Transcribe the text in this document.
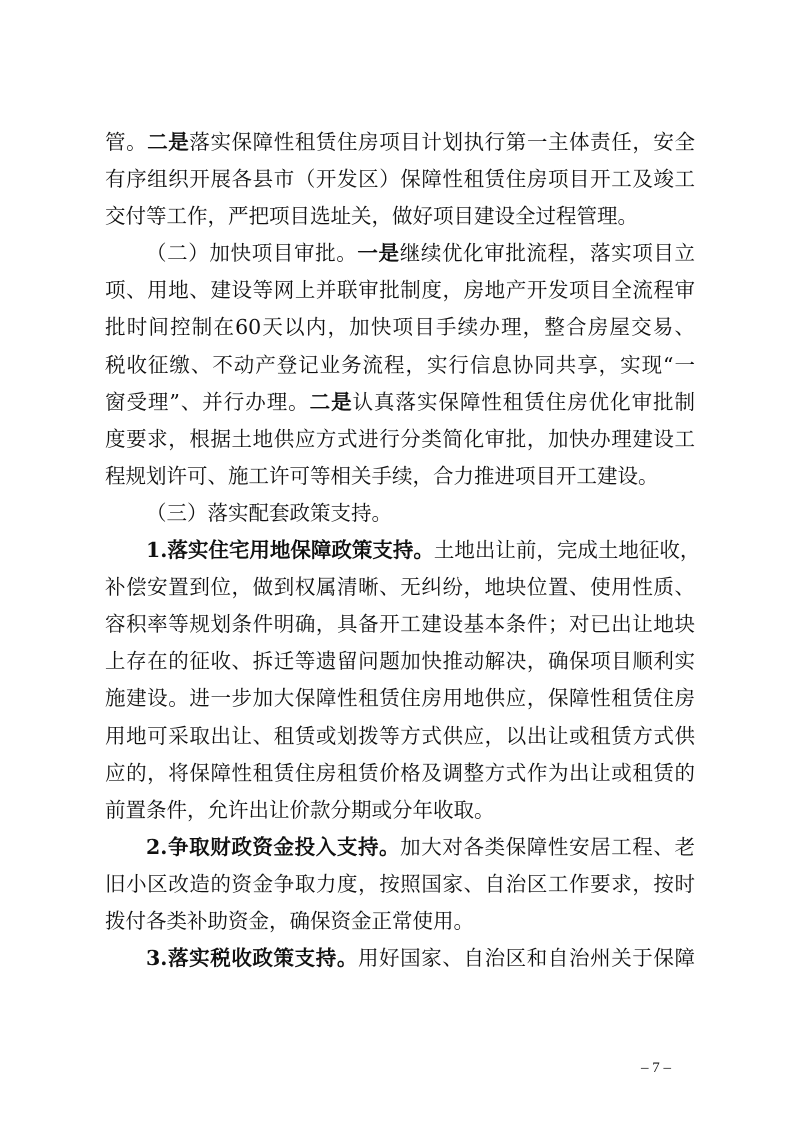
管。二是落实保障性租赁住房项目计划执行第一主体责任，安全
有序组织开展各县市（开发区）保障性租赁住房项目开工及竣工
交付等工作，严把项目选址关，做好项目建设全过程管理。
（二）加快项目审批。一是继续优化审批流程，落实项目立
项、用地、建设等网上并联审批制度，房地产开发项目全流程审
批时间控制在60天以内，加快项目手续办理，整合房屋交易、
税收征缴、不动产登记业务流程，实行信息协同共享，实现“一
窗受理”、并行办理。二是认真落实保障性租赁住房优化审批制
度要求，根据土地供应方式进行分类简化审批，加快办理建设工
程规划许可、施工许可等相关手续，合力推进项目开工建设。
（三）落实配套政策支持。
1.落实住宅用地保障政策支持。土地出让前，完成土地征收，
补偿安置到位，做到权属清晰、无纠纷，地块位置、使用性质、
容积率等规划条件明确，具备开工建设基本条件；对已出让地块
上存在的征收、拆迁等遗留问题加快推动解决，确保项目顺利实
施建设。进一步加大保障性租赁住房用地供应，保障性租赁住房
用地可采取出让、租赁或划拨等方式供应，以出让或租赁方式供
应的，将保障性租赁住房租赁价格及调整方式作为出让或租赁的
前置条件，允许出让价款分期或分年收取。
2.争取财政资金投入支持。加大对各类保障性安居工程、老
旧小区改造的资金争取力度，按照国家、自治区工作要求，按时
拨付各类补助资金，确保资金正常使用。
3.落实税收政策支持。用好国家、自治区和自治州关于保障
– 7 –
